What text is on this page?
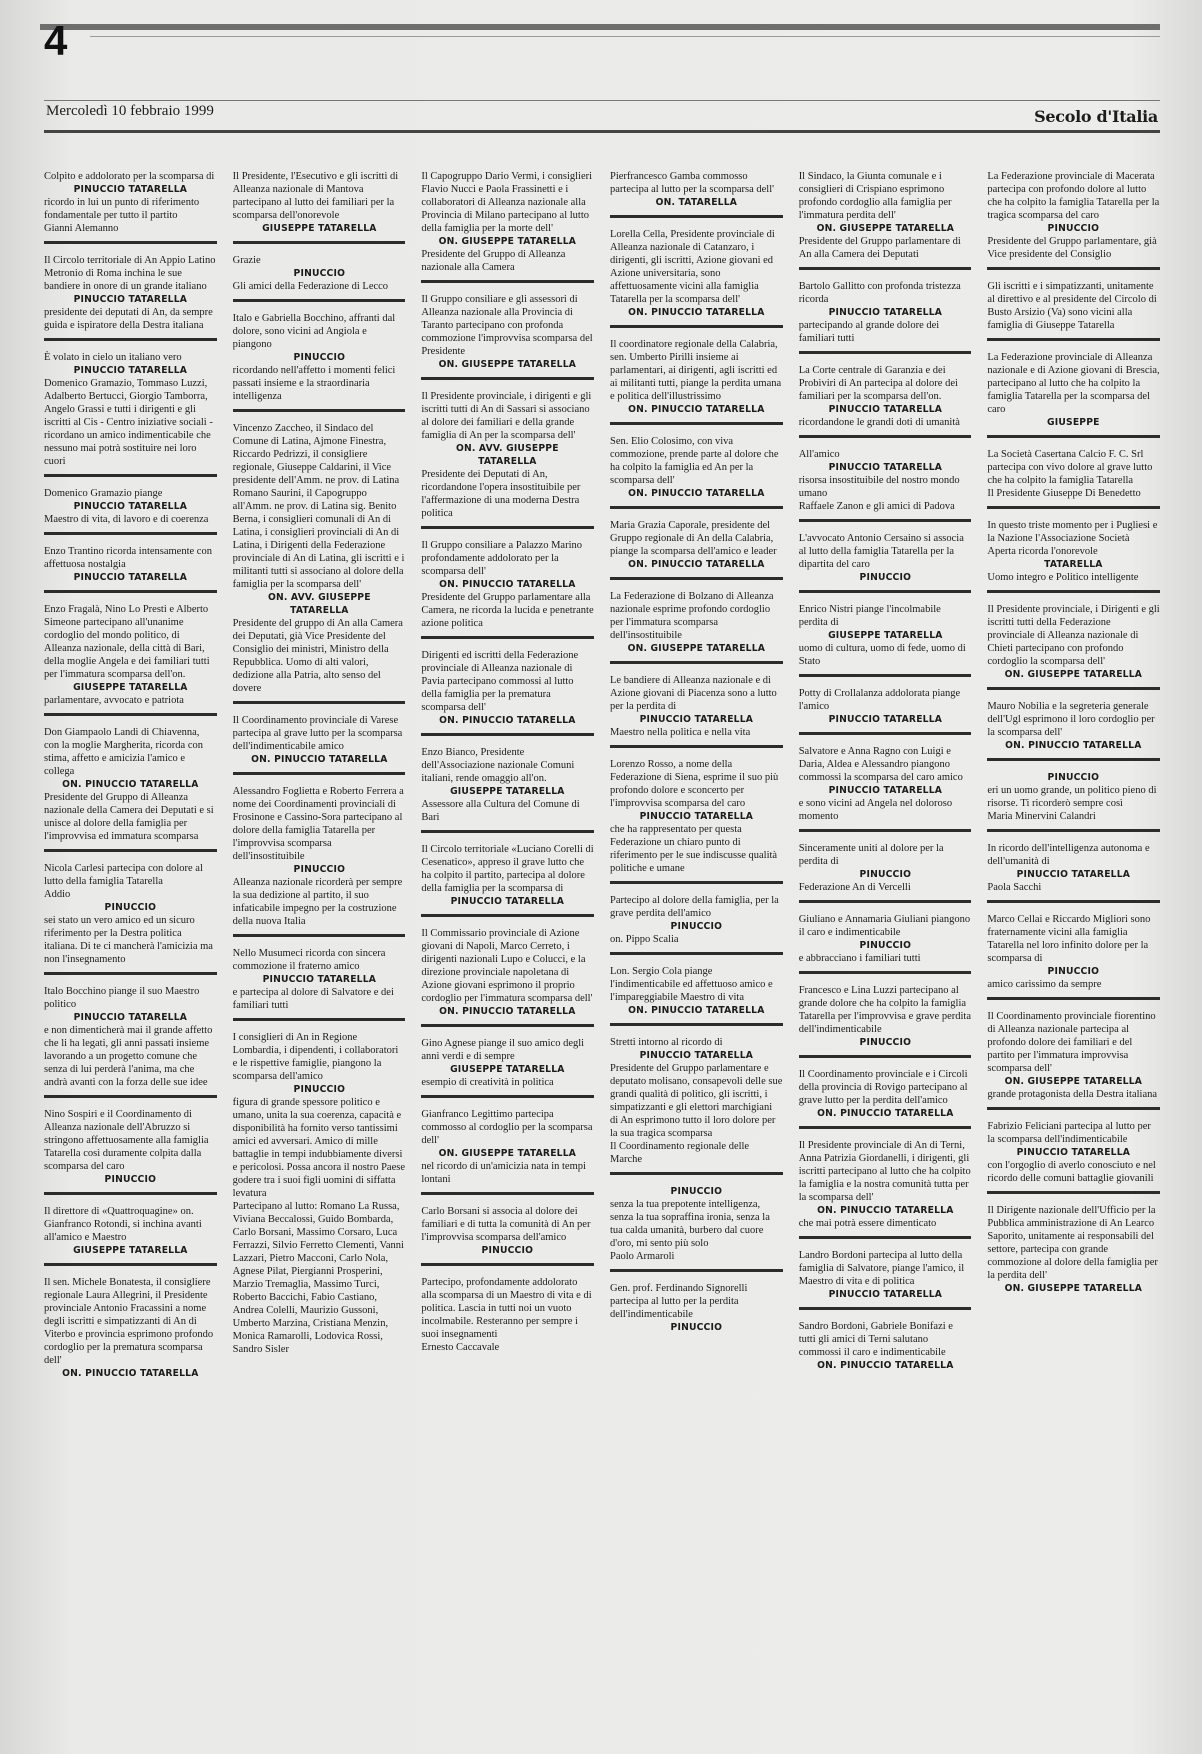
4
Mercoledì 10 febbraio 1999	Secolo d'Italia
Colpito e addolorato per la scomparsa di
PINUCCIO TATARELLA
ricordo in lui un punto di riferimento fondamentale per tutto il partito
Gianni Alemanno
Il Circolo territoriale di An Appio Latino Metronio di Roma inchina le sue bandiere in onore di un grande italiano
PINUCCIO TATARELLA
presidente dei deputati di An, da sempre guida e ispiratore della Destra italiana
È volato in cielo un italiano vero
PINUCCIO TATARELLA
Domenico Gramazio, Tommaso Luzzi, Adalberto Bertucci, Giorgio Tamborra, Angelo Grassi e tutti i dirigenti e gli iscritti al Cis - Centro iniziative sociali - ricordano un amico indimenticabile che nessuno mai potrà sostituire nei loro cuori
Domenico Gramazio piange
PINUCCIO TATARELLA
Maestro di vita, di lavoro e di coerenza
Enzo Trantino ricorda intensamente con affettuosa nostalgia
PINUCCIO TATARELLA
Enzo Fragalà, Nino Lo Presti e Alberto Simeone partecipano all'unanime cordoglio del mondo politico, di Alleanza nazionale, della città di Bari, della moglie Angela e dei familiari tutti per l'immatura scomparsa dell'on.
GIUSEPPE TATARELLA
parlamentare, avvocato e patriota
Don Giampaolo Landi di Chiavenna, con la moglie Margherita, ricorda con stima, affetto e amicizia l'amico e collega
ON. PINUCCIO TATARELLA
Presidente del Gruppo di Alleanza nazionale della Camera dei Deputati e si unisce al dolore della famiglia per l'improvvisa ed immatura scomparsa
Nicola Carlesi partecipa con dolore al lutto della famiglia Tatarella
Addio
PINUCCIO
sei stato un vero amico ed un sicuro riferimento per la Destra politica italiana. Di te ci mancherà l'amicizia ma non l'insegnamento
Italo Bocchino piange il suo Maestro politico
PINUCCIO TATARELLA
e non dimenticherà mai il grande affetto che li ha legati, gli anni passati insieme lavorando a un progetto comune che senza di lui perderà l'anima, ma che andrà avanti con la forza delle sue idee
Nino Sospiri e il Coordinamento di Alleanza nazionale dell'Abruzzo si stringono affettuosamente alla famiglia Tatarella così duramente colpita dalla scomparsa del caro
PINUCCIO
Il direttore di «Quattroquagine» on. Gianfranco Rotondi, si inchina avanti all'amico e Maestro
GIUSEPPE TATARELLA
Il sen. Michele Bonatesta, il consigliere regionale Laura Allegrini, il Presidente provinciale Antonio Fracassini a nome degli iscritti e simpatizzanti di An di Viterbo e provincia esprimono profondo cordoglio per la prematura scomparsa dell'
ON. PINUCCIO TATARELLA
Il Presidente, l'Esecutivo e gli iscritti di Alleanza nazionale di Mantova partecipano al lutto dei familiari per la scomparsa dell'onorevole
GIUSEPPE TATARELLA
Grazie
PINUCCIO
Gli amici della Federazione di Lecco
Italo e Gabriella Bocchino, affranti dal dolore, sono vicini ad Angiola e piangono
PINUCCIO
ricordando nell'affetto i momenti felici passati insieme e la straordinaria intelligenza
Vincenzo Zaccheo, il Sindaco del Comune di Latina, Ajmone Finestra, Riccardo Pedrizzi, il consigliere regionale, Giuseppe Caldarini, il Vice presidente dell'Amm. ne prov. di Latina Romano Saurini, il Capogruppo all'Amm. ne prov. di Latina sig. Benito Berna, i consiglieri comunali di An di Latina, i consiglieri provinciali di An di Latina, i Dirigenti della Federazione provinciale di An di Latina, gli iscritti e i militanti tutti si associano al dolore della famiglia per la scomparsa dell'
ON. AVV. GIUSEPPE TATARELLA
Presidente del gruppo di An alla Camera dei Deputati, già Vice Presidente del Consiglio dei ministri, Ministro della Repubblica. Uomo di alti valori, dedizione alla Patria, alto senso del dovere
Il Coordinamento provinciale di Varese partecipa al grave lutto per la scomparsa dell'indimenticabile amico
ON. PINUCCIO TATARELLA
Alessandro Foglietta e Roberto Ferrera a nome dei Coordinamenti provinciali di Frosinone e Cassino-Sora partecipano al dolore della famiglia Tatarella per l'improvvisa scomparsa dell'insostituibile
PINUCCIO
Alleanza nazionale ricorderà per sempre la sua dedizione al partito, il suo infaticabile impegno per la costruzione della nuova Italia
Nello Musumeci ricorda con sincera commozione il fraterno amico
PINUCCIO TATARELLA
e partecipa al dolore di Salvatore e dei familiari tutti
I consiglieri di An in Regione Lombardia, i dipendenti, i collaboratori e le rispettive famiglie, piangono la scomparsa dell'amico
PINUCCIO
figura di grande spessore politico e umano, unita la sua coerenza, capacità e disponibilità ha fornito verso tantissimi amici ed avversari. Amico di mille battaglie in tempi indubbiamente diversi e pericolosi. Possa ancora il nostro Paese godere tra i suoi figli uomini di siffatta levatura
Partecipano al lutto: Romano La Russa, Viviana Beccalossi, Guido Bombarda, Carlo Borsani, Massimo Corsaro, Luca Ferrazzi, Silvio Ferretto Clementi, Vanni Lazzari, Pietro Macconi, Carlo Nola, Agnese Pilat, Piergianni Prosperini, Marzio Tremaglia, Massimo Turci, Roberto Baccichi, Fabio Castiano, Andrea Colelli, Maurizio Gussoni, Umberto Marzina, Cristiana Menzin, Monica Ramarolli, Lodovica Rossi, Sandro Sisler
Il Capogruppo Dario Vermi, i consiglieri Flavio Nucci e Paola Frassinetti e i collaboratori di Alleanza nazionale alla Provincia di Milano partecipano al lutto della famiglia per la morte dell'
ON. GIUSEPPE TATARELLA
Presidente del Gruppo di Alleanza nazionale alla Camera
Il Gruppo consiliare e gli assessori di Alleanza nazionale alla Provincia di Taranto partecipano con profonda commozione l'improvvisa scomparsa del Presidente
ON. GIUSEPPE TATARELLA
Il Presidente provinciale, i dirigenti e gli iscritti tutti di An di Sassari si associano al dolore dei familiari e della grande famiglia di An per la scomparsa dell'
ON. AVV. GIUSEPPE TATARELLA
Presidente dei Deputati di An, ricordandone l'opera insostituibile per l'affermazione di una moderna Destra politica
Il Gruppo consiliare a Palazzo Marino profondamente addolorato per la scomparsa dell'
ON. PINUCCIO TATARELLA
Presidente del Gruppo parlamentare alla Camera, ne ricorda la lucida e penetrante azione politica
Dirigenti ed iscritti della Federazione provinciale di Alleanza nazionale di Pavia partecipano commossi al lutto della famiglia per la prematura scomparsa dell'
ON. PINUCCIO TATARELLA
Enzo Bianco, Presidente dell'Associazione nazionale Comuni italiani, rende omaggio all'on.
GIUSEPPE TATARELLA
Assessore alla Cultura del Comune di Bari
Il Circolo territoriale «Luciano Corelli di Cesenatico», appreso il grave lutto che ha colpito il partito, partecipa al dolore della famiglia per la scomparsa di
PINUCCIO TATARELLA
Il Commissario provinciale di Azione giovani di Napoli, Marco Cerreto, i dirigenti nazionali Lupo e Colucci, e la direzione provinciale napoletana di Azione giovani esprimono il proprio cordoglio per l'immatura scomparsa dell'
ON. PINUCCIO TATARELLA
Gino Agnese piange il suo amico degli anni verdi e di sempre
GIUSEPPE TATARELLA
esempio di creatività in politica
Gianfranco Legittimo partecipa commosso al cordoglio per la scomparsa dell'
ON. GIUSEPPE TATARELLA
nel ricordo di un'amicizia nata in tempi lontani
Carlo Borsani si associa al dolore dei familiari e di tutta la comunità di An per l'improvvisa scomparsa dell'amico
PINUCCIO
Partecipo, profondamente addolorato alla scomparsa di un Maestro di vita e di politica. Lascia in tutti noi un vuoto incolmabile. Resteranno per sempre i suoi insegnamenti
Ernesto Caccavale
Pierfrancesco Gamba commosso partecipa al lutto per la scomparsa dell'
ON. TATARELLA
Lorella Cella, Presidente provinciale di Alleanza nazionale di Catanzaro, i dirigenti, gli iscritti, Azione giovani ed Azione universitaria, sono affettuosamente vicini alla famiglia Tatarella per la scomparsa dell'
ON. PINUCCIO TATARELLA
Il coordinatore regionale della Calabria, sen. Umberto Pirilli insieme ai parlamentari, ai dirigenti, agli iscritti ed ai militanti tutti, piange la perdita umana e politica dell'illustrissimo
ON. PINUCCIO TATARELLA
Sen. Elio Colosimo, con viva commozione, prende parte al dolore che ha colpito la famiglia ed An per la scomparsa dell'
ON. PINUCCIO TATARELLA
Maria Grazia Caporale, presidente del Gruppo regionale di An della Calabria, piange la scomparsa dell'amico e leader
ON. PINUCCIO TATARELLA
La Federazione di Bolzano di Alleanza nazionale esprime profondo cordoglio per l'immatura scomparsa dell'insostituibile
ON. GIUSEPPE TATARELLA
Le bandiere di Alleanza nazionale e di Azione giovani di Piacenza sono a lutto per la perdita di
PINUCCIO TATARELLA
Maestro nella politica e nella vita
Lorenzo Rosso, a nome della Federazione di Siena, esprime il suo più profondo dolore e sconcerto per l'improvvisa scomparsa del caro
PINUCCIO TATARELLA
che ha rappresentato per questa Federazione un chiaro punto di riferimento per le sue indiscusse qualità politiche e umane
Partecipo al dolore della famiglia, per la grave perdita dell'amico
PINUCCIO
on. Pippo Scalia
Lon. Sergio Cola piange l'indimenticabile ed affettuoso amico e l'impareggiabile Maestro di vita
ON. PINUCCIO TATARELLA
Stretti intorno al ricordo di
PINUCCIO TATARELLA
Presidente del Gruppo parlamentare e deputato molisano, consapevoli delle sue grandi qualità di politico, gli iscritti, i simpatizzanti e gli elettori marchigiani di An esprimono tutto il loro dolore per la sua tragica scomparsa
Il Coordinamento regionale delle Marche
PINUCCIO
senza la tua prepotente intelligenza, senza la tua sopraffina ironia, senza la tua calda umanità, burbero dal cuore d'oro, mi sento più solo
Paolo Armaroli
Gen. prof. Ferdinando Signorelli partecipa al lutto per la perdita dell'indimenticabile
PINUCCIO
Il Sindaco, la Giunta comunale e i consiglieri di Crispiano esprimono profondo cordoglio alla famiglia per l'immatura perdita dell'
ON. GIUSEPPE TATARELLA
Presidente del Gruppo parlamentare di An alla Camera dei Deputati
Bartolo Gallitto con profonda tristezza ricorda
PINUCCIO TATARELLA
partecipando al grande dolore dei familiari tutti
La Corte centrale di Garanzia e dei Probiviri di An partecipa al dolore dei familiari per la scomparsa dell'on.
PINUCCIO TATARELLA
ricordandone le grandi doti di umanità
All'amico
PINUCCIO TATARELLA
risorsa insostituibile del nostro mondo umano
Raffaele Zanon e gli amici di Padova
L'avvocato Antonio Cersaino si associa al lutto della famiglia Tatarella per la dipartita del caro
PINUCCIO
Enrico Nistri piange l'incolmabile perdita di
GIUSEPPE TATARELLA
uomo di cultura, uomo di fede, uomo di Stato
Potty di Crollalanza addolorata piange l'amico
PINUCCIO TATARELLA
Salvatore e Anna Ragno con Luigi e Daria, Aldea e Alessandro piangono commossi la scomparsa del caro amico
PINUCCIO TATARELLA
e sono vicini ad Angela nel doloroso momento
Sinceramente uniti al dolore per la perdita di
PINUCCIO
Federazione An di Vercelli
Giuliano e Annamaria Giuliani piangono il caro e indimenticabile
PINUCCIO
e abbracciano i familiari tutti
Francesco e Lina Luzzi partecipano al grande dolore che ha colpito la famiglia Tatarella per l'improvvisa e grave perdita dell'indimenticabile
PINUCCIO
Il Coordinamento provinciale e i Circoli della provincia di Rovigo partecipano al grave lutto per la perdita dell'amico
ON. PINUCCIO TATARELLA
Il Presidente provinciale di An di Terni, Anna Patrizia Giordanelli, i dirigenti, gli iscritti partecipano al lutto che ha colpito la famiglia e la nostra comunità tutta per la scomparsa dell'
ON. PINUCCIO TATARELLA
che mai potrà essere dimenticato
Landro Bordoni partecipa al lutto della famiglia di Salvatore, piange l'amico, il Maestro di vita e di politica
PINUCCIO TATARELLA
Sandro Bordoni, Gabriele Bonifazi e tutti gli amici di Terni salutano commossi il caro e indimenticabile
ON. PINUCCIO TATARELLA
La Federazione provinciale di Macerata partecipa con profondo dolore al lutto che ha colpito la famiglia Tatarella per la tragica scomparsa del caro
PINUCCIO
Presidente del Gruppo parlamentare, già Vice presidente del Consiglio
Gli iscritti e i simpatizzanti, unitamente al direttivo e al presidente del Circolo di Busto Arsizio (Va) sono vicini alla famiglia di Giuseppe Tatarella
La Federazione provinciale di Alleanza nazionale e di Azione giovani di Brescia, partecipano al lutto che ha colpito la famiglia Tatarella per la scomparsa del caro
GIUSEPPE
La Società Casertana Calcio F. C. Srl partecipa con vivo dolore al grave lutto che ha colpito la famiglia Tatarella
Il Presidente Giuseppe Di Benedetto
In questo triste momento per i Pugliesi e la Nazione l'Associazione Società Aperta ricorda l'onorevole
TATARELLA
Uomo integro e Politico intelligente
Il Presidente provinciale, i Dirigenti e gli iscritti tutti della Federazione provinciale di Alleanza nazionale di Chieti partecipano con profondo cordoglio la scomparsa dell'
ON. GIUSEPPE TATARELLA
Mauro Nobilia e la segreteria generale dell'Ugl esprimono il loro cordoglio per la scomparsa dell'
ON. PINUCCIO TATARELLA
PINUCCIO
eri un uomo grande, un politico pieno di risorse. Ti ricorderò sempre così
Maria Minervini Calandri
In ricordo dell'intelligenza autonoma e dell'umanità di
PINUCCIO TATARELLA
Paola Sacchi
Marco Cellai e Riccardo Migliori sono fraternamente vicini alla famiglia Tatarella nel loro infinito dolore per la scomparsa di
PINUCCIO
amico carissimo da sempre
Il Coordinamento provinciale fiorentino di Alleanza nazionale partecipa al profondo dolore dei familiari e del partito per l'immatura improvvisa scomparsa dell'
ON. GIUSEPPE TATARELLA
grande protagonista della Destra italiana
Fabrizio Feliciani partecipa al lutto per la scomparsa dell'indimenticabile
PINUCCIO TATARELLA
con l'orgoglio di averlo conosciuto e nel ricordo delle comuni battaglie giovanili
Il Dirigente nazionale dell'Ufficio per la Pubblica amministrazione di An Learco Saporito, unitamente ai responsabili del settore, partecipa con grande commozione al dolore della famiglia per la perdita dell'
ON. GIUSEPPE TATARELLA
